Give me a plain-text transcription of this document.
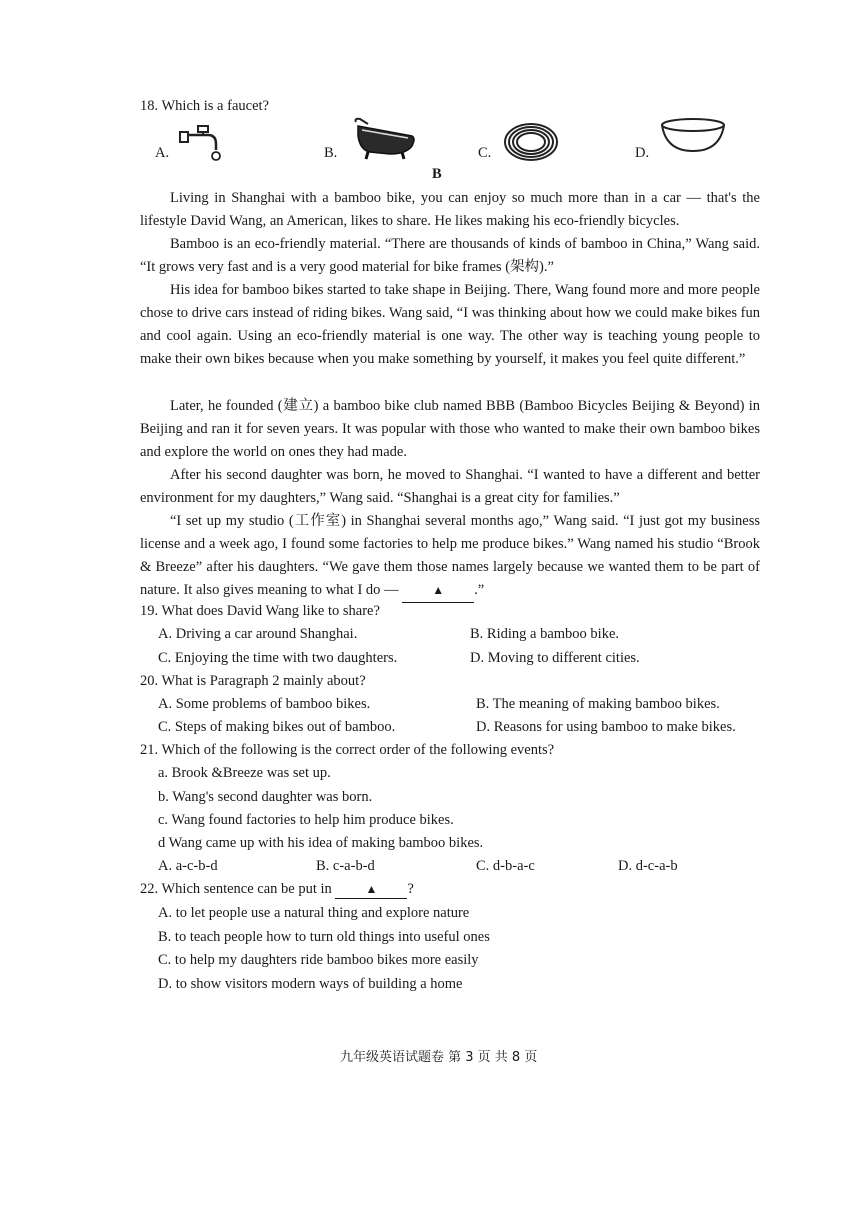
18. Which is a faucet?
A.	B.	C.	D.
B
Living in Shanghai with a bamboo bike, you can enjoy so much more than in a car — that's the lifestyle David Wang, an American, likes to share. He likes making his eco-friendly bicycles.
Bamboo is an eco-friendly material. “There are thousands of kinds of bamboo in China,” Wang said. “It grows very fast and is a very good material for bike frames (架构).”
His idea for bamboo bikes started to take shape in Beijing. There, Wang found more and more people chose to drive cars instead of riding bikes. Wang said, “I was thinking about how we could make bikes fun and cool again. Using an eco-friendly material is one way. The other way is teaching young people to make their own bikes because when you make something by yourself, it makes you feel quite different.”
Later, he founded (建立) a bamboo bike club named BBB (Bamboo Bicycles Beijing & Beyond) in Beijing and ran it for seven years. It was popular with those who wanted to make their own bamboo bikes and explore the world on ones they had made.
After his second daughter was born, he moved to Shanghai. “I wanted to have a different and better environment for my daughters,” Wang said. “Shanghai is a great city for families.”
“I set up my studio (工作室) in Shanghai several months ago,” Wang said. “I just got my business license and a week ago, I found some factories to help me produce bikes.” Wang named his studio “Brook & Breeze” after his daughters. “We gave them those names largely because we wanted them to be part of nature. It also gives meaning to what I do —	▲ .”
19. What does David Wang like to share?
A. Driving a car around Shanghai.	B. Riding a bamboo bike.
C. Enjoying the time with two daughters.	D. Moving to different cities.
20. What is Paragraph 2 mainly about?
A. Some problems of bamboo bikes.	B. The meaning of making bamboo bikes.
C. Steps of making bikes out of bamboo.	D. Reasons for using bamboo to make bikes.
21. Which of the following is the correct order of the following events?
a. Brook &Breeze was set up.
b. Wang's second daughter was born.
c. Wang found factories to help him produce bikes.
d Wang came up with his idea of making bamboo bikes.
A. a-c-b-d	B. c-a-b-d	C. d-b-a-c	D. d-c-a-b
22. Which sentence can be put in	▲ ?
A. to let people use a natural thing and explore nature
B. to teach people how to turn old things into useful ones
C. to help my daughters ride bamboo bikes more easily
D. to show visitors modern ways of building a home
九年级英语试题卷 第 3 页 共 8 页
